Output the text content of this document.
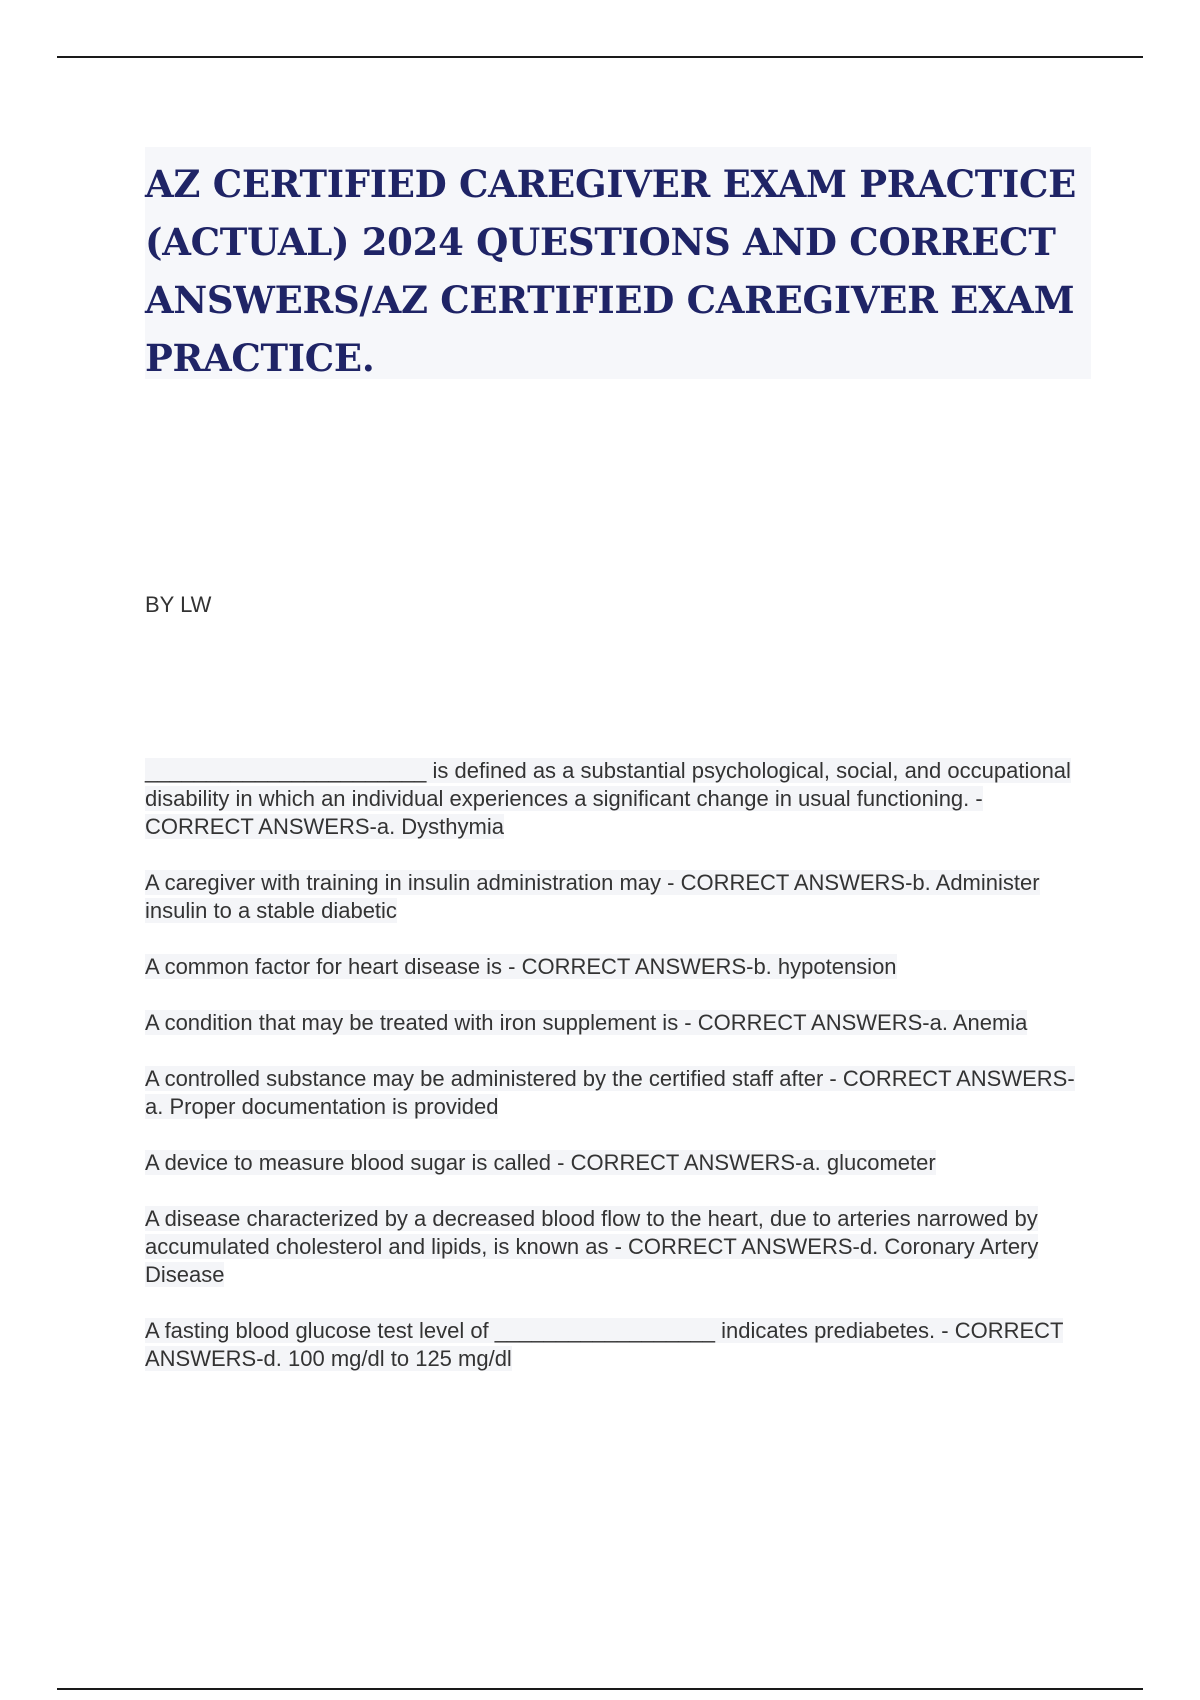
AZ CERTIFIED CAREGIVER EXAM PRACTICE (ACTUAL) 2024 QUESTIONS AND CORRECT ANSWERS/AZ CERTIFIED CAREGIVER EXAM PRACTICE.
BY LW
_______________________ is defined as a substantial psychological, social, and occupational disability in which an individual experiences a significant change in usual functioning. - CORRECT ANSWERS-a. Dysthymia
A caregiver with training in insulin administration may - CORRECT ANSWERS-b. Administer insulin to a stable diabetic
A common factor for heart disease is - CORRECT ANSWERS-b. hypotension
A condition that may be treated with iron supplement is - CORRECT ANSWERS-a. Anemia
A controlled substance may be administered by the certified staff after - CORRECT ANSWERS-a. Proper documentation is provided
A device to measure blood sugar is called - CORRECT ANSWERS-a. glucometer
A disease characterized by a decreased blood flow to the heart, due to arteries narrowed by accumulated cholesterol and lipids, is known as - CORRECT ANSWERS-d. Coronary Artery Disease
A fasting blood glucose test level of __________________ indicates prediabetes. - CORRECT ANSWERS-d. 100 mg/dl to 125 mg/dl
